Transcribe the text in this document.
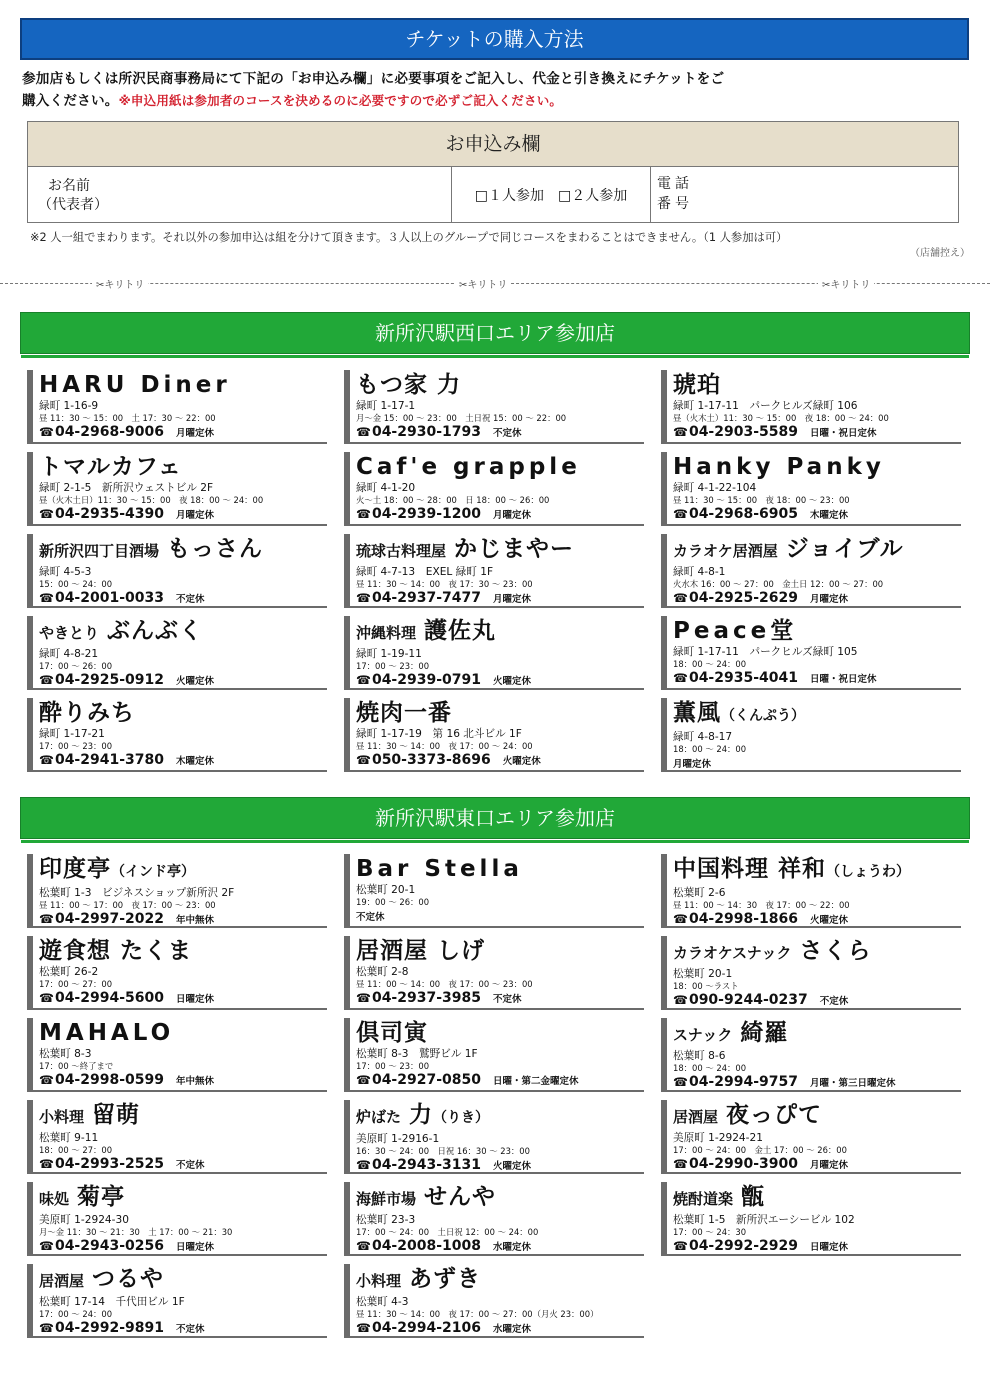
チケットの購入方法
参加店もしくは所沢民商事務局にて下記の「お申込み欄」に必要事項をご記入し、代金と引き換えにチケットをご
購入ください。※申込用紙は参加者のコースを決めるのに必要ですので必ずご記入ください。
お申込み欄
お名前
（代表者）
□１人参加 □２人参加
電話
番号
※2 人一組でまわります。それ以外の参加申込は組を分けて頂きます。３人以上のグループで同じコースをまわることはできません。（1 人参加は可）
（店舗控え）
✂キリトリ	✂キリトリ	✂キリトリ
新所沢駅西口エリア参加店
HARU Diner
緑町 1-16-9
昼 11：30 ～ 15：00　土 17：30 ～ 22：00
☎04-2968-9006 月曜定休
もつ家 力
緑町 1-17-1
月～金 15：00 ～ 23：00　土日祝 15：00 ～ 22：00
☎04-2930-1793 不定休
琥珀
緑町 1-17-11　パークヒルズ緑町 106
昼（火木土）11：30 ～ 15：00　夜 18：00 ～ 24：00
☎04-2903-5589 日曜・祝日定休
トマルカフェ
緑町 2-1-5　新所沢ウェストビル 2F
昼（火木土日）11：30 ～ 15：00　夜 18：00 ～ 24：00
☎04-2935-4390 月曜定休
Caf'e grapple
緑町 4-1-20
火～土 18：00 ～ 28：00　日 18：00 ～ 26：00
☎04-2939-1200 月曜定休
Hanky Panky
緑町 4-1-22-104
昼 11：30 ～ 15：00　夜 18：00 ～ 23：00
☎04-2968-6905 木曜定休
新所沢四丁目酒場 もっさん
緑町 4-5-3
15：00 ～ 24：00
☎04-2001-0033 不定休
琉球古料理屋 かじまやー
緑町 4-7-13　EXEL 緑町 1F
昼 11：30 ～ 14：00　夜 17：30 ～ 23：00
☎04-2937-7477 月曜定休
カラオケ居酒屋 ジョイブル
緑町 4-8-1
火水木 16：00 ～ 27：00　金土日 12：00 ～ 27：00
☎04-2925-2629 月曜定休
やきとり ぶんぶく
緑町 4-8-21
17：00 ～ 26：00
☎04-2925-0912 火曜定休
沖縄料理 護佐丸
緑町 1-19-11
17：00 ～ 23：00
☎04-2939-0791 火曜定休
Peace堂
緑町 1-17-11　パークヒルズ緑町 105
18：00 ～ 24：00
☎04-2935-4041 日曜・祝日定休
酔りみち
緑町 1-17-21
17：00 ～ 23：00
☎04-2941-3780 木曜定休
焼肉一番
緑町 1-17-19　第 16 北斗ビル 1F
昼 11：30 ～ 14：00　夜 17：00 ～ 24：00
☎050-3373-8696 火曜定休
薫風（くんぷう）
緑町 4-8-17
18：00 ～ 24：00
月曜定休
新所沢駅東口エリア参加店
印度亭（インド亭）
松葉町 1-3　ビジネスショップ新所沢 2F
昼 11：00 ～ 17：00　夜 17：00 ～ 23：00
☎04-2997-2022 年中無休
Bar Stella
松葉町 20-1
19：00 ～ 26：00
不定休
中国料理 祥和（しょうわ）
松葉町 2-6
昼 11：00 ～ 14：30　夜 17：00 ～ 22：00
☎04-2998-1866 火曜定休
遊食想 たくま
松葉町 26-2
17：00 ～ 27：00
☎04-2994-5600 日曜定休
居酒屋 しげ
松葉町 2-8
昼 11：00 ～ 14：00　夜 17：00 ～ 23：00
☎04-2937-3985 不定休
カラオケスナック さくら
松葉町 20-1
18：00 ～ラスト
☎090-9244-0237 不定休
MAHALO
松葉町 8-3
17：00 ～終了まで
☎04-2998-0599 年中無休
倶司寅
松葉町 8-3　鷲野ビル 1F
17：00 ～ 23：00
☎04-2927-0850 日曜・第二金曜定休
スナック 綺羅
松葉町 8-6
18：00 ～ 24：00
☎04-2994-9757 月曜・第三日曜定休
小料理 留萌
松葉町 9-11
18：00 ～ 27：00
☎04-2993-2525 不定休
炉ばた 力（りき）
美原町 1-2916-1
16：30 ～ 24：00　日祝 16：30 ～ 23：00
☎04-2943-3131 火曜定休
居酒屋 夜っぴて
美原町 1-2924-21
17：00 ～ 24：00　金土 17：00 ～ 26：00
☎04-2990-3900 月曜定休
味処 菊亭
美原町 1-2924-30
月～金 11：30 ～ 21：30　土 17：00 ～ 21：30
☎04-2943-0256 日曜定休
海鮮市場 せんや
松葉町 23-3
17：00 ～ 24：00　土日祝 12：00 ～ 24：00
☎04-2008-1008 水曜定休
焼酎道楽 甑
松葉町 1-5　新所沢エーシービル 102
17：00 ～ 24：30
☎04-2992-2929 日曜定休
居酒屋 つるや
松葉町 17-14　千代田ビル 1F
17：00 ～ 24：00
☎04-2992-9891 不定休
小料理 あずき
松葉町 4-3
昼 11：30 ～ 14：00　夜 17：00 ～ 27：00（月火 23：00）
☎04-2994-2106 水曜定休
